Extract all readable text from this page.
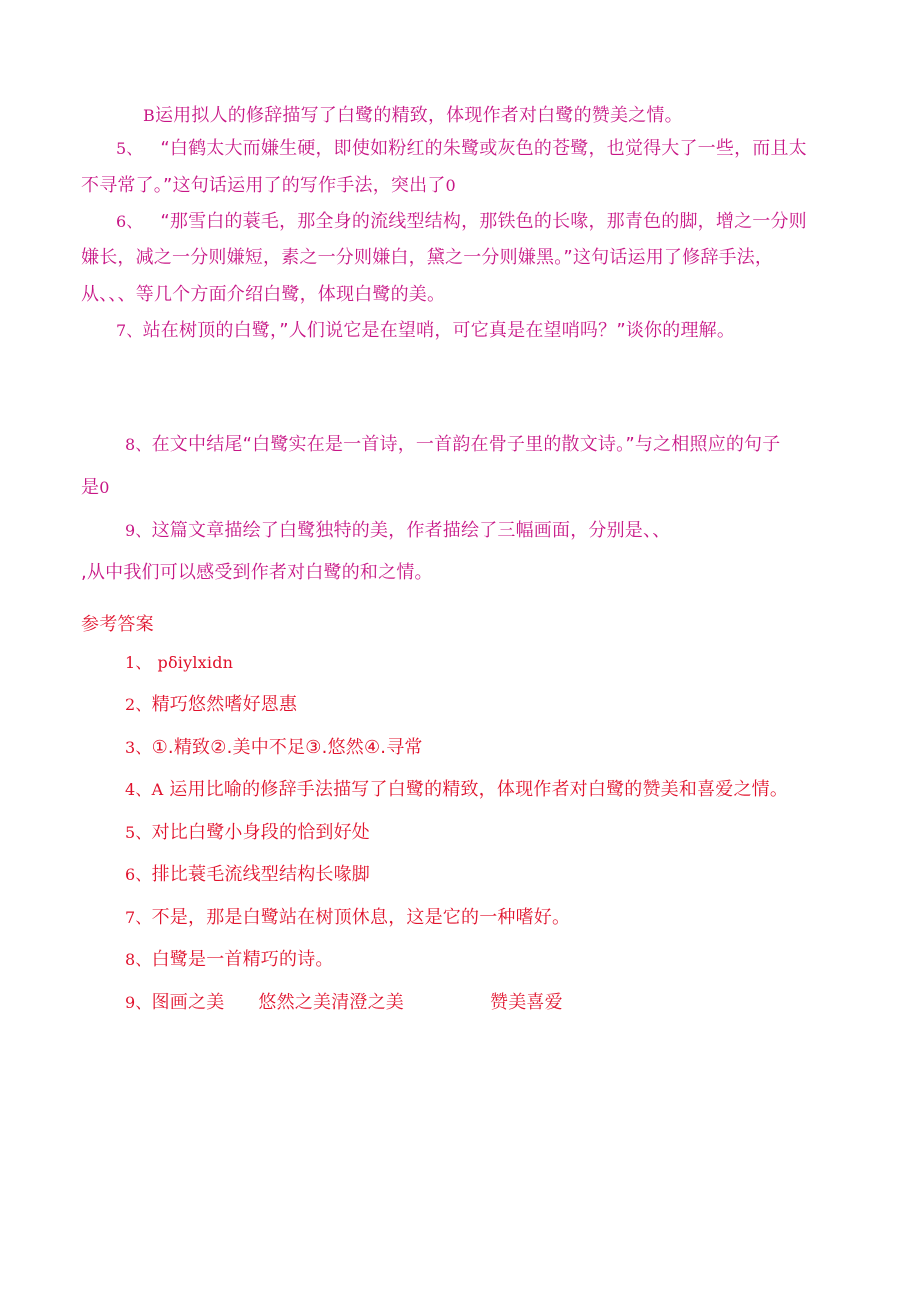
B运用拟人的修辞描写了白鹭的精致，体现作者对白鹭的赞美之情。
5、 “白鹤太大而嫌生硬，即使如粉红的朱鹭或灰色的苍鹭，也觉得大了一些，而且太
不寻常了。”这句话运用了的写作手法，突出了0
6、 “那雪白的蓑毛，那全身的流线型结构，那铁色的长喙，那青色的脚，增之一分则
嫌长，减之一分则嫌短，素之一分则嫌白，黛之一分则嫌黑。”这句话运用了修辞手法，
从、、、等几个方面介绍白鹭，体现白鹭的美。
7、站在树顶的白鹭，”人们说它是在望哨，可它真是在望哨吗？”谈你的理解。
8、在文中结尾“白鹭实在是一首诗，一首韵在骨子里的散文诗。”与之相照应的句子
是0
9、这篇文章描绘了白鹭独特的美，作者描绘了三幅画面，分别是、、
,从中我们可以感受到作者对白鹭的和之情。
参考答案
1、 pδiylxidn
2、精巧悠然嗜好恩惠
3、①.精致②.美中不足③.悠然④.寻常
4、A 运用比喻的修辞手法描写了白鹭的精致，体现作者对白鹭的赞美和喜爱之情。
5、对比白鹭小身段的恰到好处
6、排比蓑毛流线型结构长喙脚
7、不是，那是白鹭站在树顶休息，这是它的一种嗜好。
8、白鹭是一首精巧的诗。
9、图画之美 悠然之美清澄之美	赞美喜爱
